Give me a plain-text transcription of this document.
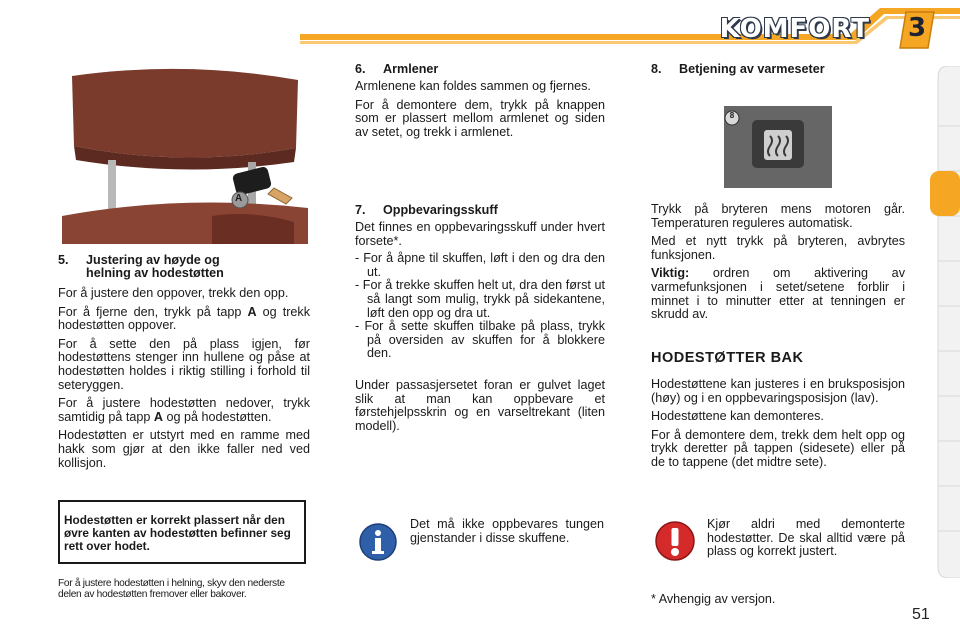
KOMFORT	3
A
5. Justering av høyde og
helning av hodestøtten

For å justere den oppover, trekk den opp.

For å fjerne den, trykk på tapp A og trekk hodestøtten oppover.

For å sette den på plass igjen, før hodestøttens stenger inn hullene og påse at hodestøtten holdes i riktig stilling i forhold til seteryggen.

For å justere hodestøtten nedover, trykk samtidig på tapp A og på hodestøtten.

Hodestøtten er utstyrt med en ramme med hakk som gjør at den ikke faller ned ved kollisjon.

Hodestøtten er korrekt plassert når den øvre kanten av hodestøtten befinner seg rett over hodet.
For å justere hodestøtten i helning, skyv den nederste delen av hodestøtten fremover eller bakover.
6. Armlener

Armlenene kan foldes sammen og fjernes.

For å demontere dem, trykk på knappen som er plassert mellom armlenet og siden av setet, og trekk i armlenet.

7. Oppbevaringsskuff

Det finnes en oppbevaringsskuff under hvert forsete*.

- For å åpne til skuffen, løft i den og dra den ut.
- For å trekke skuffen helt ut, dra den først ut så langt som mulig, trykk på sidekantene, løft den opp og dra ut.
- For å sette skuffen tilbake på plass, trykk på oversiden av skuffen for å blokkere den.

Under passasjersetet foran er gulvet laget slik at man kan oppbevare et førstehjelpsskrin og en varseltrekant (liten modell).

Det må ikke oppbevares tungen gjenstander i disse skuffene.
8. Betjening av varmeseter
8

Trykk på bryteren mens motoren går. Temperaturen reguleres automatisk.

Med et nytt trykk på bryteren, avbrytes funksjonen.

Viktig: ordren om aktivering av varmefunksjonen i setet/setene forblir i minnet i to minutter etter at tenningen er skrudd av.

HODESTØTTER BAK

Hodestøttene kan justeres i en bruksposisjon (høy) og i en oppbevaringsposisjon (lav).

Hodestøttene kan demonteres.

For å demontere dem, trekk dem helt opp og trykk deretter på tappen (sidesete) eller på de to tappene (det midtre sete).

Kjør aldri med demonterte hodestøtter. De skal alltid være på plass og korrekt justert.
* Avhengig av versjon.
51
